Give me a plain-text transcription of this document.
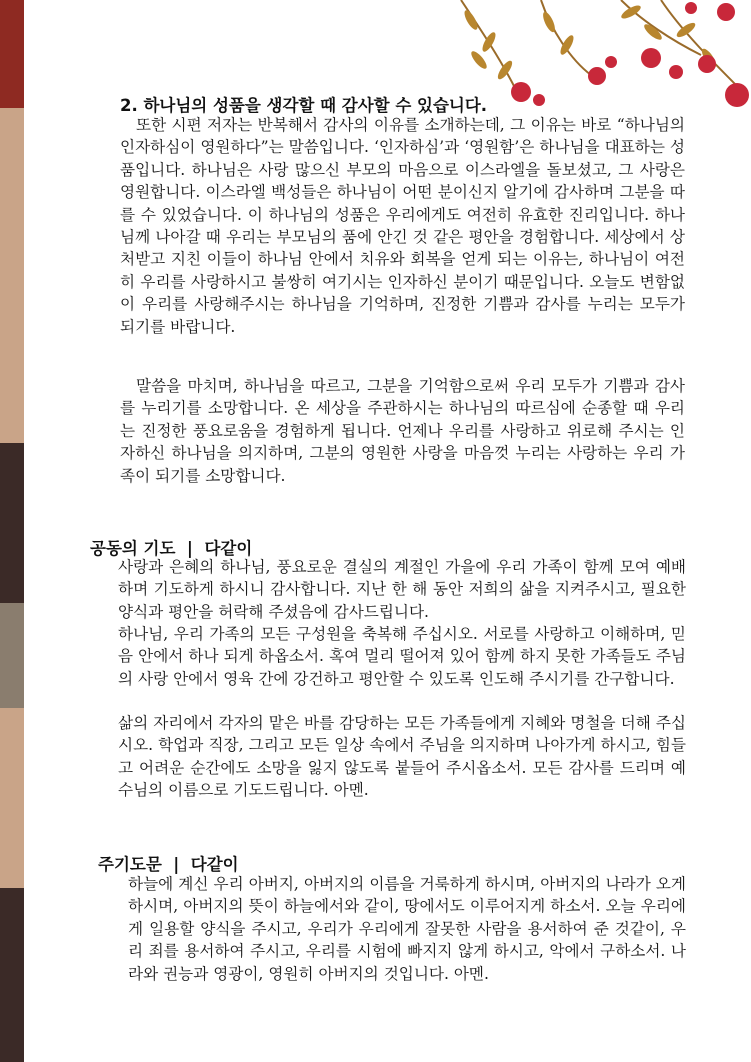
2. 하나님의 성품을 생각할 때 감사할 수 있습니다.

또한 시편 저자는 반복해서 감사의 이유를 소개하는데, 그 이유는 바로 “하나님의 인자하심이 영원하다”는 말씀입니다. ‘인자하심’과 ‘영원함’은 하나님을 대표하는 성품입니다. 하나님은 사랑 많으신 부모의 마음으로 이스라엘을 돌보셨고, 그 사랑은 영원합니다. 이스라엘 백성들은 하나님이 어떤 분이신지 알기에 감사하며 그분을 따를 수 있었습니다. 이 하나님의 성품은 우리에게도 여전히 유효한 진리입니다. 하나님께 나아갈 때 우리는 부모님의 품에 안긴 것 같은 평안을 경험합니다. 세상에서 상처받고 지친 이들이 하나님 안에서 치유와 회복을 얻게 되는 이유는, 하나님이 여전히 우리를 사랑하시고 불쌍히 여기시는 인자하신 분이기 때문입니다. 오늘도 변함없이 우리를 사랑해주시는 하나님을 기억하며, 진정한 기쁨과 감사를 누리는 모두가 되기를 바랍니다.

말씀을 마치며, 하나님을 따르고, 그분을 기억함으로써 우리 모두가 기쁨과 감사를 누리기를 소망합니다. 온 세상을 주관하시는 하나님의 따르심에 순종할 때 우리는 진정한 풍요로움을 경험하게 됩니다. 언제나 우리를 사랑하고 위로해 주시는 인자하신 하나님을 의지하며, 그분의 영원한 사랑을 마음껏 누리는 사랑하는 우리 가족이 되기를 소망합니다.

공동의 기도  |  다같이

사랑과 은혜의 하나님, 풍요로운 결실의 계절인 가을에 우리 가족이 함께 모여 예배하며 기도하게 하시니 감사합니다. 지난 한 해 동안 저희의 삶을 지켜주시고, 필요한 양식과 평안을 허락해 주셨음에 감사드립니다.

하나님, 우리 가족의 모든 구성원을 축복해 주십시오. 서로를 사랑하고 이해하며, 믿음 안에서 하나 되게 하옵소서. 혹여 멀리 떨어져 있어 함께 하지 못한 가족들도 주님의 사랑 안에서 영육 간에 강건하고 평안할 수 있도록 인도해 주시기를 간구합니다.

삶의 자리에서 각자의 맡은 바를 감당하는 모든 가족들에게 지혜와 명철을 더해 주십시오. 학업과 직장, 그리고 모든 일상 속에서 주님을 의지하며 나아가게 하시고, 힘들고 어려운 순간에도 소망을 잃지 않도록 붙들어 주시옵소서. 모든 감사를 드리며 예수님의 이름으로 기도드립니다. 아멘.

주기도문  |  다같이

하늘에 계신 우리 아버지, 아버지의 이름을 거룩하게 하시며, 아버지의 나라가 오게 하시며, 아버지의 뜻이 하늘에서와 같이, 땅에서도 이루어지게 하소서. 오늘 우리에게 일용할 양식을 주시고, 우리가 우리에게 잘못한 사람을 용서하여 준 것같이, 우리 죄를 용서하여 주시고, 우리를 시험에 빠지지 않게 하시고, 악에서 구하소서. 나라와 권능과 영광이, 영원히 아버지의 것입니다. 아멘.
